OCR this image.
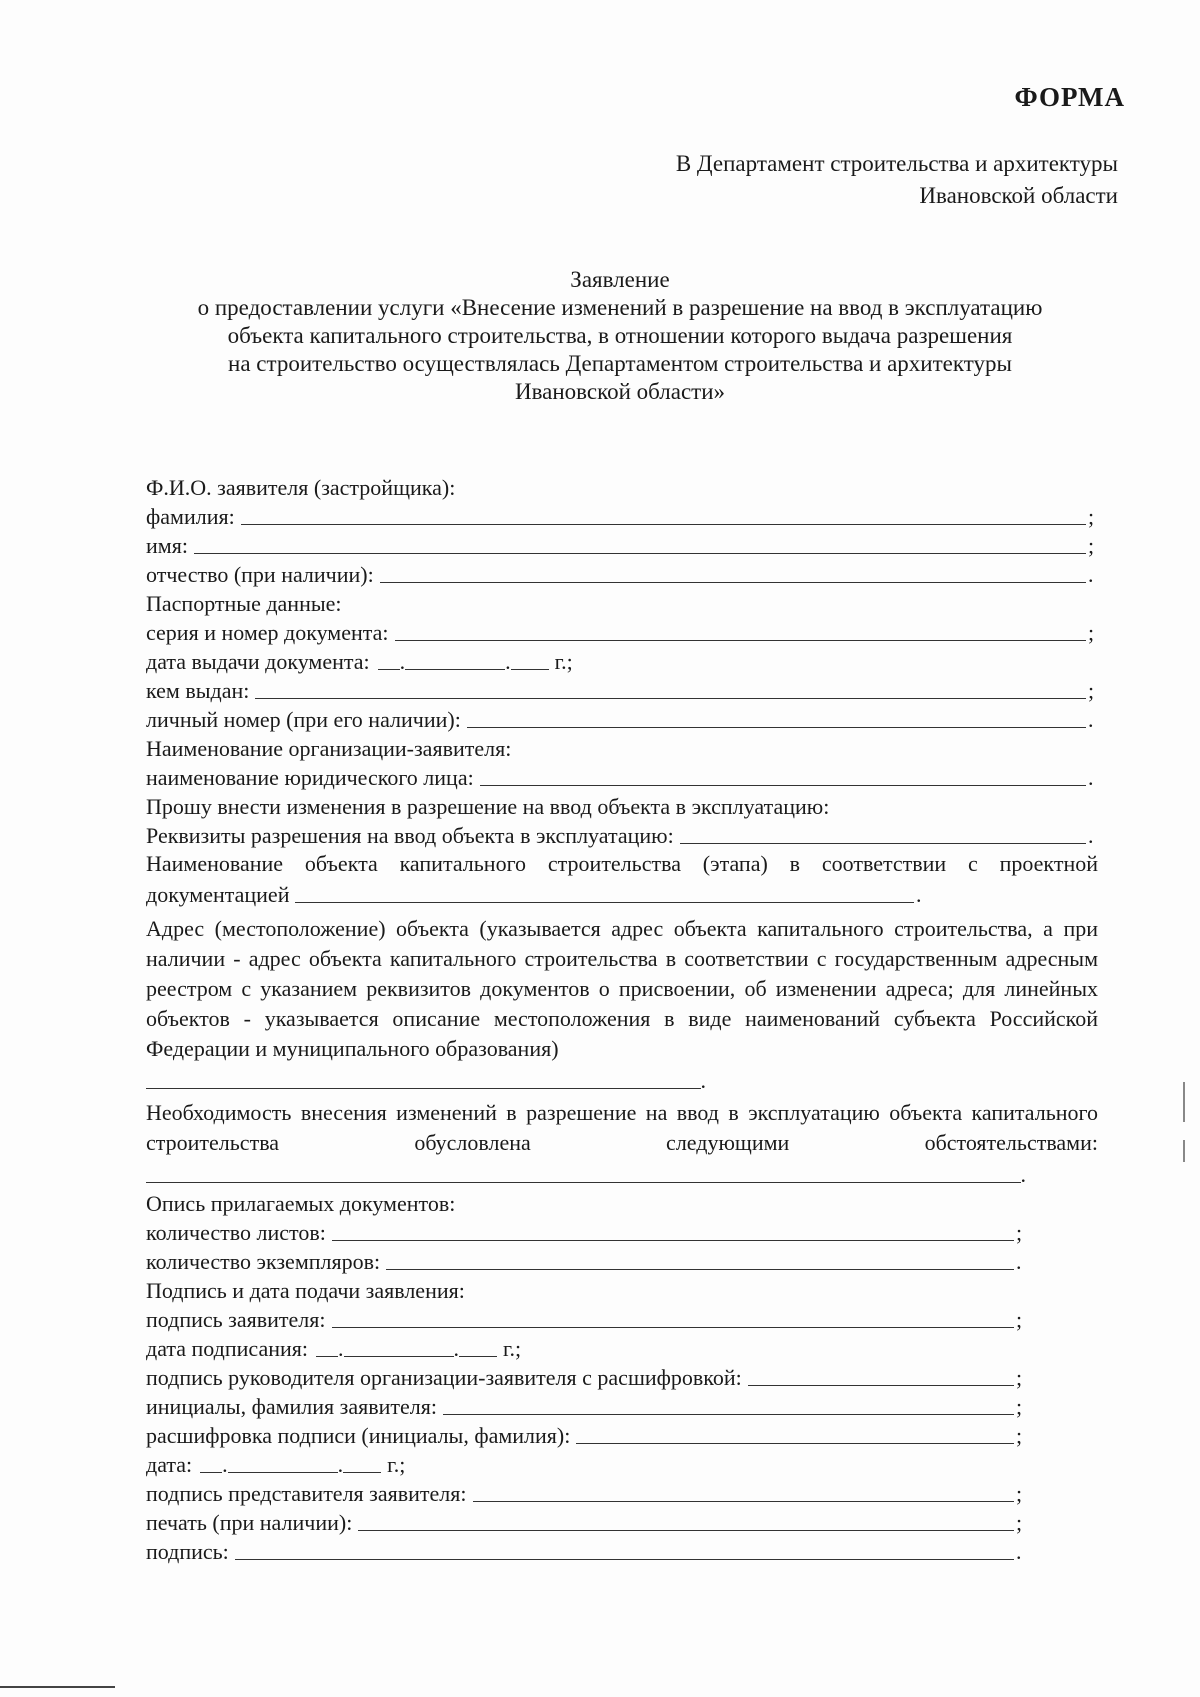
ФОРМА
В Департамент строительства и архитектуры
Ивановской области
Заявление
о предоставлении услуги «Внесение изменений в разрешение на ввод в эксплуатацию
объекта капитального строительства, в отношении которого выдача разрешения
на строительство осуществлялась Департаментом строительства и архитектуры
Ивановской области»
Ф.И.О. заявителя (застройщика):
фамилия:	;
имя:	;
отчество (при наличии):	.
Паспортные данные:
серия и номер документа:	;
дата выдачи документа: .	. г.;
кем выдан:	;
личный номер (при его наличии):	.
Наименование организации-заявителя:
наименование юридического лица:	.
Прошу внести изменения в разрешение на ввод объекта в эксплуатацию:
Реквизиты разрешения на ввод объекта в эксплуатацию:	.
Наименование объекта капитального строительства (этапа) в соответствии с проектной
документацией	.
Адрес (местоположение) объекта (указывается адрес объекта капитального строительства, а при наличии - адрес объекта капитального строительства в соответствии с государственным адресным реестром с указанием реквизитов документов о присвоении, об изменении адреса; для линейных объектов - указывается описание местоположения в виде наименований субъекта Российской Федерации и муниципального образования)
.
Необходимость внесения изменений в разрешение на ввод в эксплуатацию объекта капитального строительства обусловлена следующими обстоятельствами:
.
Опись прилагаемых документов:
количество листов:	;
количество экземпляров:	.
Подпись и дата подачи заявления:
подпись заявителя:	;
дата подписания: .	. г.;
подпись руководителя организации-заявителя с расшифровкой:	;
инициалы, фамилия заявителя:	;
расшифровка подписи (инициалы, фамилия):	;
дата: .	. г.;
подпись представителя заявителя:	;
печать (при наличии):	;
подпись:	.
